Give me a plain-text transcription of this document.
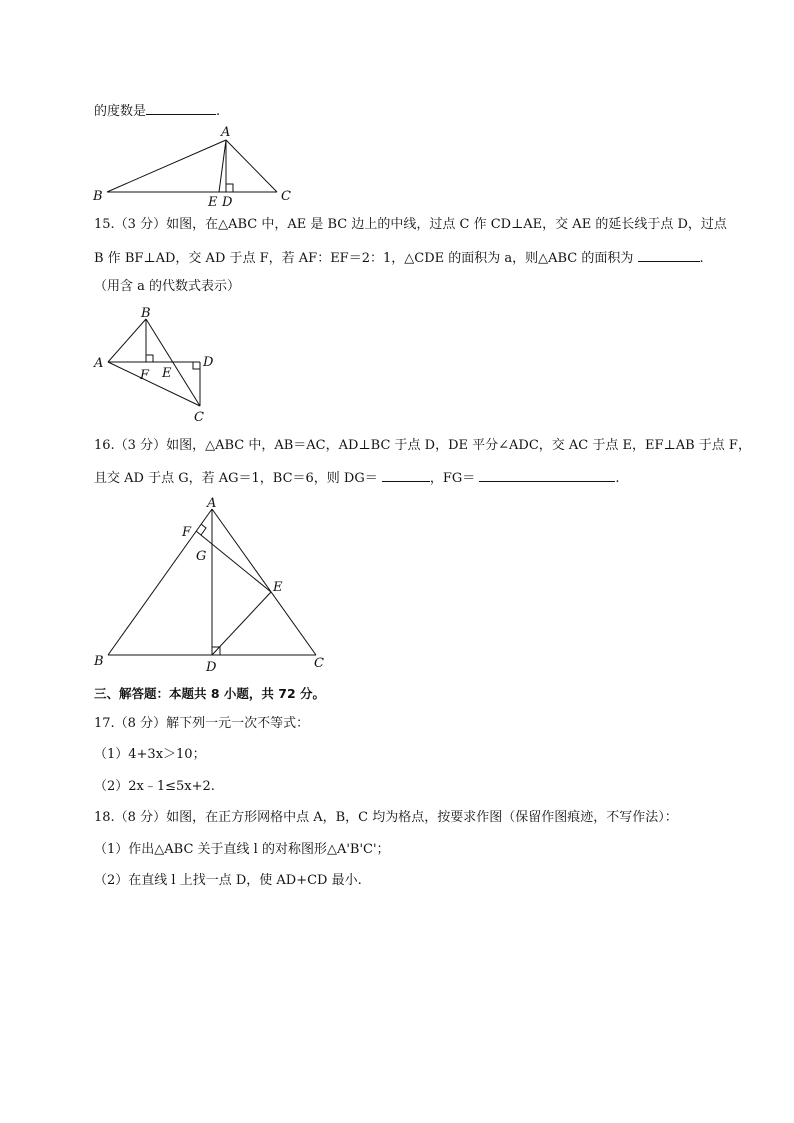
的度数是	.
A
B	C
E D
15.（3 分）如图，在△ABC 中，AE 是 BC 边上的中线，过点 C 作 CD⊥AE，交 AE 的延长线于点 D，过点
B 作 BF⊥AD，交 AD 于点 F，若 AF：EF＝2：1，△CDE 的面积为 a，则△ABC 的面积为	.
（用含 a 的代数式表示）
B
A	D
F E
C
16.（3 分）如图，△ABC 中，AB＝AC，AD⊥BC 于点 D，DE 平分∠ADC，交 AC 于点 E，EF⊥AB 于点 F，
且交 AD 于点 G，若 AG＝1，BC＝6，则 DG＝	，FG＝	.
A
F
G
E
B	D	C
三、解答题：本题共 8 小题，共 72 分。
17.（8 分）解下列一元一次不等式：
（1）4+3x＞10；
（2）2x﹣1≤5x+2.
18.（8 分）如图，在正方形网格中点 A，B，C 均为格点，按要求作图（保留作图痕迹，不写作法）：
（1）作出△ABC 关于直线 l 的对称图形△A'B'C'；
（2）在直线 l 上找一点 D，使 AD+CD 最小.
